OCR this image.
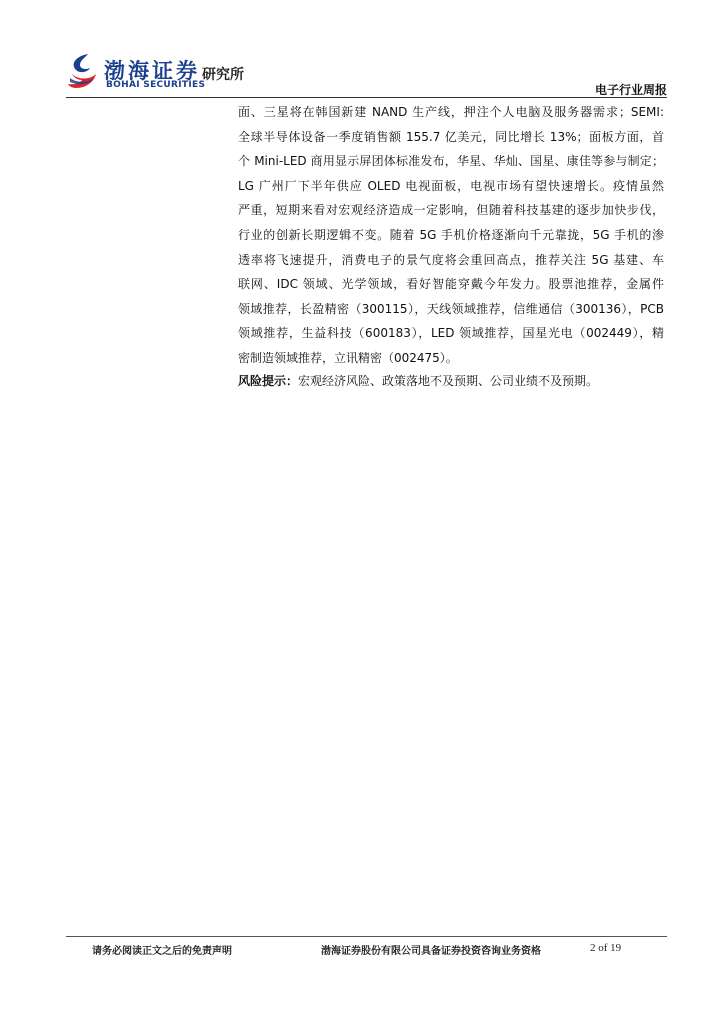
渤海证券
BOHAI SECURITIES
研究所
电子行业周报
面、三星将在韩国新建 NAND 生产线，押注个人电脑及服务器需求；SEMI:
全球半导体设备一季度销售额 155.7 亿美元，同比增长 13%；面板方面，首
个 Mini-LED 商用显示屏团体标准发布，华星、华灿、国星、康佳等参与制定；
LG 广州厂下半年供应 OLED 电视面板，电视市场有望快速增长。疫情虽然
严重，短期来看对宏观经济造成一定影响，但随着科技基建的逐步加快步伐，
行业的创新长期逻辑不变。随着 5G 手机价格逐渐向千元靠拢，5G 手机的渗
透率将飞速提升，消费电子的景气度将会重回高点，推荐关注 5G 基建、车
联网、IDC 领域、光学领域，看好智能穿戴今年发力。股票池推荐，金属件
领域推荐，长盈精密（300115），天线领域推荐，信维通信（300136），PCB
领域推荐，生益科技（600183），LED 领域推荐，国星光电（002449），精
密制造领域推荐，立讯精密（002475）。
风险提示：宏观经济风险、政策落地不及预期、公司业绩不及预期。
请务必阅读正文之后的免责声明	渤海证券股份有限公司具备证券投资咨询业务资格	2 of 19
